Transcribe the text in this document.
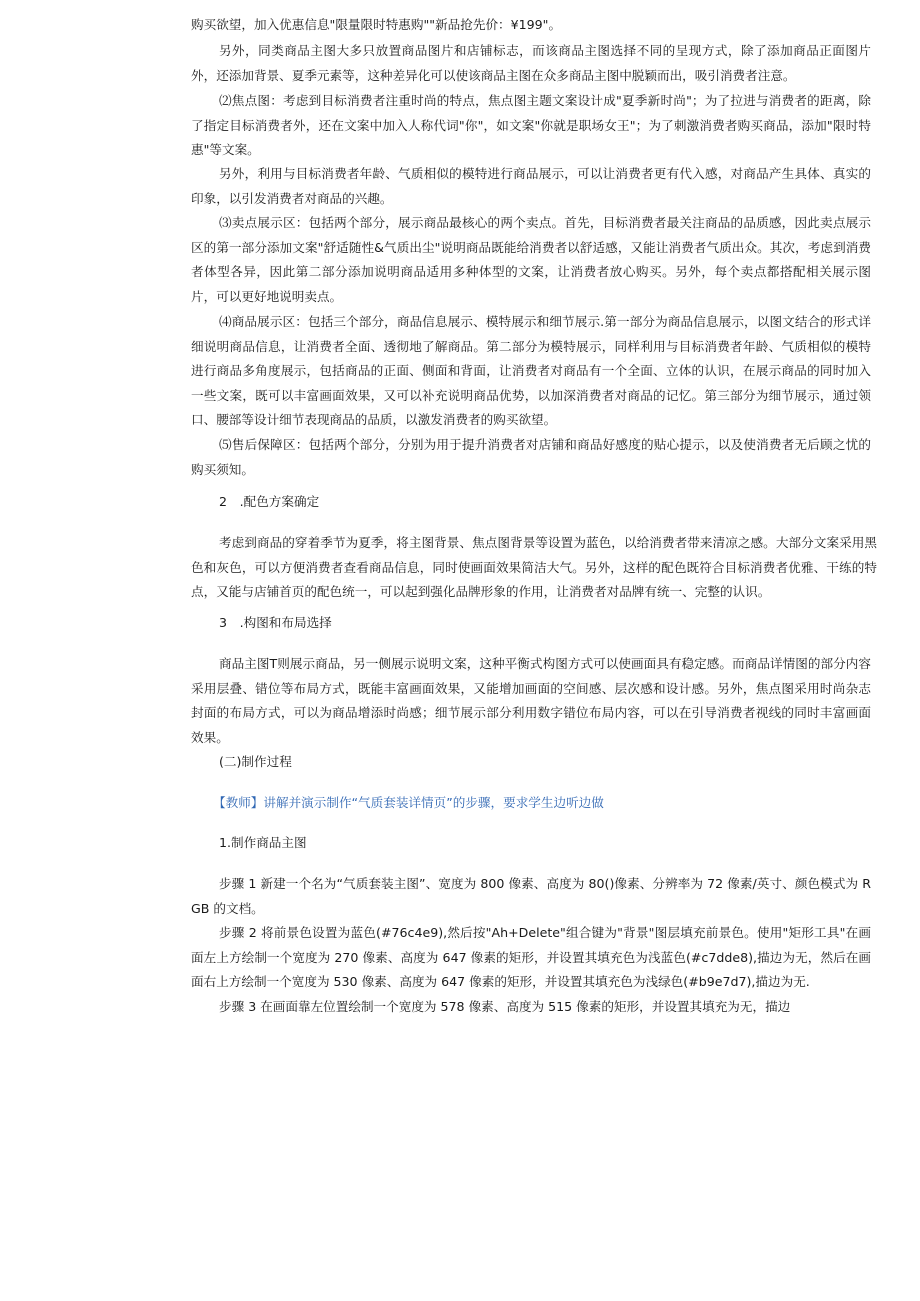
购买欲望，加入优惠信息"限量限时特惠购""新品抢先价：¥199"。

另外，同类商品主图大多只放置商品图片和店铺标志，而该商品主图选择不同的呈现方式，除了添加商品正面图片外，还添加背景、夏季元素等，这种差异化可以使该商品主图在众多商品主图中脱颖而出，吸引消费者注意。

⑵焦点图：考虑到目标消费者注重时尚的特点，焦点图主题文案设计成"夏季新时尚"；为了拉进与消费者的距离，除了指定目标消费者外，还在文案中加入人称代词"你"，如文案"你就是职场女王"；为了刺激消费者购买商品，添加"限时特惠"等文案。

另外，利用与目标消费者年龄、气质相似的模特进行商品展示，可以让消费者更有代入感，对商品产生具体、真实的印象，以引发消费者对商品的兴趣。

⑶卖点展示区：包括两个部分，展示商品最核心的两个卖点。首先，目标消费者最关注商品的品质感，因此卖点展示区的第一部分添加文案"舒适随性&气质出尘"说明商品既能给消费者以舒适感，又能让消费者气质出众。其次，考虑到消费者体型各异，因此第二部分添加说明商品适用多种体型的文案，让消费者放心购买。另外，每个卖点都搭配相关展示图片，可以更好地说明卖点。

⑷商品展示区：包括三个部分，商品信息展示、模特展示和细节展示.第一部分为商品信息展示，以图文结合的形式详细说明商品信息，让消费者全面、透彻地了解商品。第二部分为模特展示，同样利用与目标消费者年龄、气质相似的模特进行商品多角度展示，包括商品的正面、侧面和背面，让消费者对商品有一个全面、立体的认识，在展示商品的同时加入一些文案，既可以丰富画面效果，又可以补充说明商品优势，以加深消费者对商品的记忆。第三部分为细节展示，通过领口、腰部等设计细节表现商品的品质，以激发消费者的购买欲望。

⑸售后保障区：包括两个部分，分别为用于提升消费者对店铺和商品好感度的贴心提示，以及使消费者无后顾之忧的购买须知。

2　.配色方案确定

考虑到商品的穿着季节为夏季，将主图背景、焦点图背景等设置为蓝色，以给消费者带来清凉之感。大部分文案采用黑色和灰色，可以方便消费者查看商品信息，同时使画面效果简洁大气。另外，这样的配色既符合目标消费者优雅、干练的特点，又能与店铺首页的配色统一，可以起到强化品牌形象的作用，让消费者对品牌有统一、完整的认识。

3　.构图和布局选择

商品主图T则展示商品，另一侧展示说明文案，这种平衡式构图方式可以使画面具有稳定感。而商品详情图的部分内容采用层叠、错位等布局方式，既能丰富画面效果，又能增加画面的空间感、层次感和设计感。另外，焦点图采用时尚杂志封面的布局方式，可以为商品增添时尚感；细节展示部分利用数字错位布局内容，可以在引导消费者视线的同时丰富画面效果。

(二)制作过程

【教师】讲解并演示制作“气质套装详情页”的步骤，要求学生边听边做

1.制作商品主图

步骤 1 新建一个名为“气质套装主图”、宽度为 800 像素、高度为 80()像素、分辨率为 72 像素/英寸、颜色模式为 RGB 的文档。

步骤 2 将前景色设置为蓝色(#76c4e9),然后按"Ah+Delete"组合键为"背景"图层填充前景色。使用"矩形工具"在画面左上方绘制一个宽度为 270 像素、高度为 647 像素的矩形，并设置其填充色为浅蓝色(#c7dde8),描边为无，然后在画面右上方绘制一个宽度为 530 像素、高度为 647 像素的矩形，并设置其填充色为浅绿色(#b9e7d7),描边为无.

步骤 3 在画面靠左位置绘制一个宽度为 578 像素、高度为 515 像素的矩形，并设置其填充为无，描边
